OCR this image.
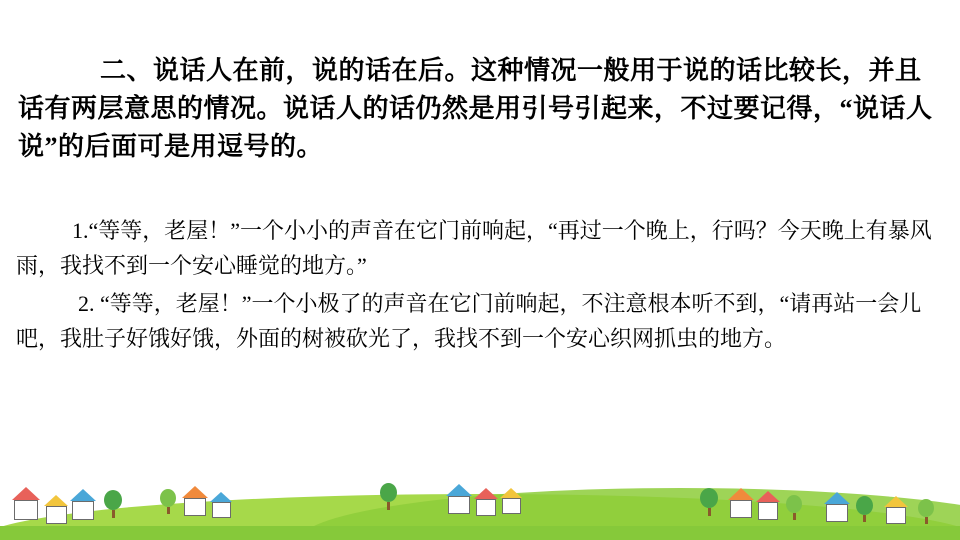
二、说话人在前，说的话在后。这种情况一般用于说的话比较长，并且话有两层意思的情况。说话人的话仍然是用引号引起来，不过要记得，“说话人说”的后面可是用逗号的。

1.“等等，老屋！”一个小小的声音在它门前响起，“再过一个晚上，行吗？今天晚上有暴风雨，我找不到一个安心睡觉的地方。”

2. “等等，老屋！”一个小极了的声音在它门前响起，不注意根本听不到，“请再站一会儿吧，我肚子好饿好饿，外面的树被砍光了，我找不到一个安心织网抓虫的地方。
